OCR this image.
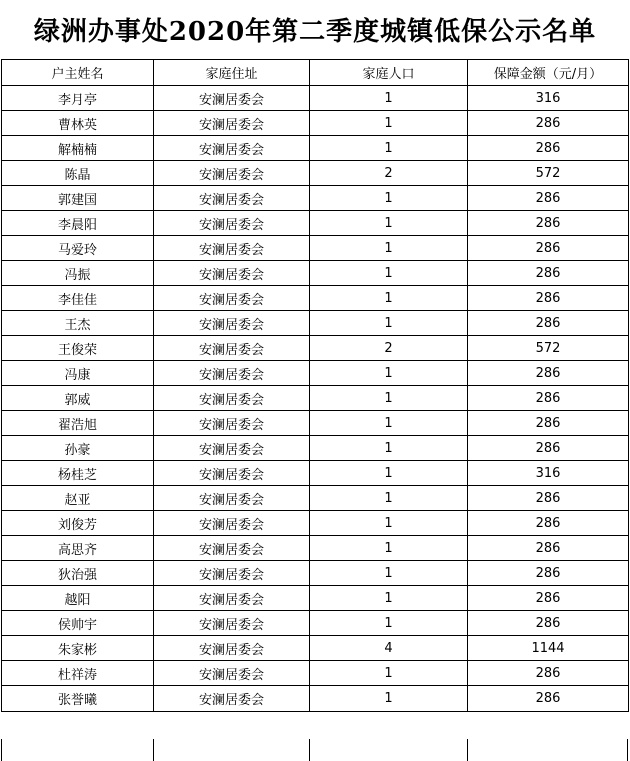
绿洲办事处2020年第二季度城镇低保公示名单
户主姓名	家庭住址	家庭人口	保障金额（元/月）
李月亭	安澜居委会	1	316
曹林英	安澜居委会	1	286
解楠楠	安澜居委会	1	286
陈晶	安澜居委会	2	572
郭建国	安澜居委会	1	286
李晨阳	安澜居委会	1	286
马爱玲	安澜居委会	1	286
冯振	安澜居委会	1	286
李佳佳	安澜居委会	1	286
王杰	安澜居委会	1	286
王俊荣	安澜居委会	2	572
冯康	安澜居委会	1	286
郭威	安澜居委会	1	286
翟浩旭	安澜居委会	1	286
孙豪	安澜居委会	1	286
杨桂芝	安澜居委会	1	316
赵亚	安澜居委会	1	286
刘俊芳	安澜居委会	1	286
高思齐	安澜居委会	1	286
狄治强	安澜居委会	1	286
越阳	安澜居委会	1	286
侯帅宇	安澜居委会	1	286
朱家彬	安澜居委会	4	1144
杜祥涛	安澜居委会	1	286
张誉曦	安澜居委会	1	286
